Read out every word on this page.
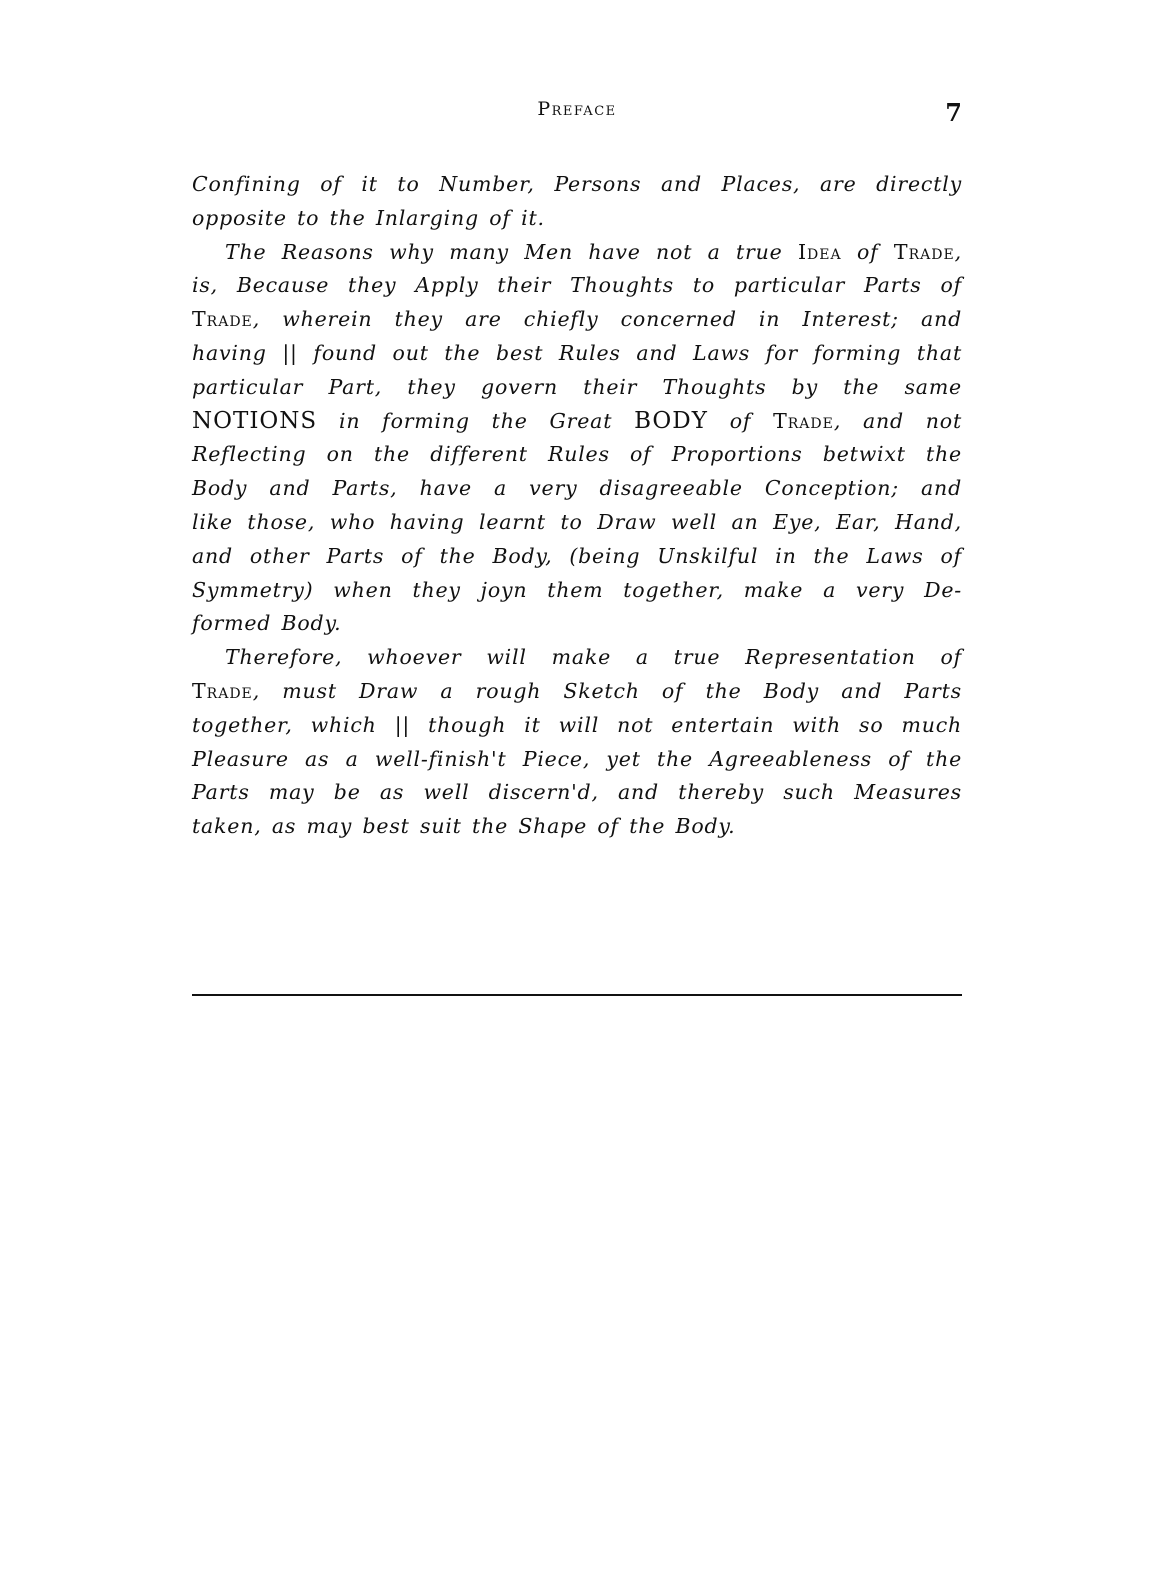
Preface	7

Confining of it to Number, Persons and Places, are directly
opposite to the Inlarging of it.

The Reasons why many Men have not a true Idea of Trade,
is, Because they Apply their Thoughts to particular Parts of
Trade, wherein they are chiefly concerned in Interest; and
having || found out the best Rules and Laws for forming that
particular Part, they govern their Thoughts by the same
NOTIONS in forming the Great BODY of Trade, and not
Reflecting on the different Rules of Proportions betwixt the
Body and Parts, have a very disagreeable Conception; and
like those, who having learnt to Draw well an Eye, Ear, Hand,
and other Parts of the Body, (being Unskilful in the Laws of
Symmetry) when they joyn them together, make a very De-
formed Body.

Therefore, whoever will make a true Representation of
Trade, must Draw a rough Sketch of the Body and Parts
together, which || though it will not entertain with so much
Pleasure as a well-finish't Piece, yet the Agreeableness of the
Parts may be as well discern'd, and thereby such Measures
taken, as may best suit the Shape of the Body.
